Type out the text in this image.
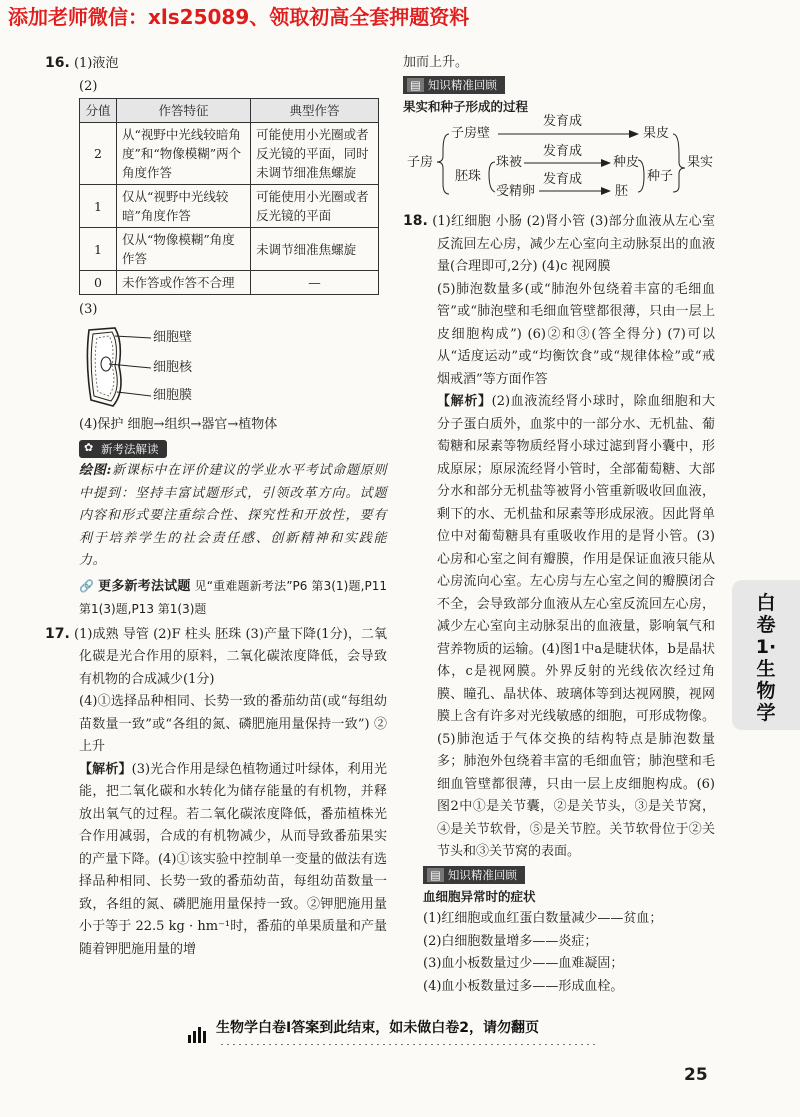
添加老师微信：xls25089、领取初高全套押题资料

16. (1)液泡

(2)

分值	作答特征	典型作答
2	从“视野中光线较暗角度”和“物像模糊”两个角度作答	可能使用小光圈或者反光镜的平面，同时未调节细准焦螺旋
1	仅从“视野中光线较暗”角度作答	可能使用小光圈或者反光镜的平面
1	仅从“物像模糊”角度作答	未调节细准焦螺旋
0	未作答或作答不合理	—

(3)

细胞壁
细胞核
细胞膜

(4)保护 细胞→组织→器官→植物体

✿ 新考法解读

绘图:新课标中在评价建议的学业水平考试命题原则中提到：坚持丰富试题形式，引领改革方向。试题内容和形式要注重综合性、探究性和开放性，要有利于培养学生的社会责任感、创新精神和实践能力。

🔗 更多新考法试题 见“重难题新考法”P6 第3(1)题,P11 第1(3)题,P13 第1(3)题

17. (1)成熟 导管 (2)F 柱头 胚珠 (3)产量下降(1分)，二氧化碳是光合作用的原料，二氧化碳浓度降低，会导致有机物的合成减少(1分)

(4)①选择品种相同、长势一致的番茄幼苗(或“每组幼苗数量一致”或“各组的氮、磷肥施用量保持一致”) ②上升

【解析】(3)光合作用是绿色植物通过叶绿体，利用光能，把二氧化碳和水转化为储存能量的有机物，并释放出氧气的过程。若二氧化碳浓度降低，番茄植株光合作用减弱，合成的有机物减少，从而导致番茄果实的产量下降。(4)①该实验中控制单一变量的做法有选择品种相同、长势一致的番茄幼苗，每组幼苗数量一致，各组的氮、磷肥施用量保持一致。②钾肥施用量小于等于 22.5 kg · hm⁻¹时，番茄的单果质量和产量随着钾肥施用量的增

加而上升。

▤ 知识精准回顾

果实和种子形成的过程

子房
子房壁
发育成
果皮
胚珠
珠被
发育成
种皮
受精卵
发育成
胚
种子
果实

18. (1)红细胞 小肠 (2)肾小管 (3)部分血液从左心室反流回左心房，减少左心室向主动脉泵出的血液量(合理即可,2分) (4)c 视网膜

(5)肺泡数量多(或“肺泡外包绕着丰富的毛细血管”或“肺泡壁和毛细血管壁都很薄，只由一层上皮细胞构成”) (6)②和③(答全得分) (7)可以从“适度运动”或“均衡饮食”或“规律体检”或“戒烟戒酒”等方面作答

【解析】(2)血液流经肾小球时，除血细胞和大分子蛋白质外，血浆中的一部分水、无机盐、葡萄糖和尿素等物质经肾小球过滤到肾小囊中，形成原尿；原尿流经肾小管时，全部葡萄糖、大部分水和部分无机盐等被肾小管重新吸收回血液，剩下的水、无机盐和尿素等形成尿液。因此肾单位中对葡萄糖具有重吸收作用的是肾小管。(3)心房和心室之间有瓣膜，作用是保证血液只能从心房流向心室。左心房与左心室之间的瓣膜闭合不全，会导致部分血液从左心室反流回左心房，减少左心室向主动脉泵出的血液量，影响氧气和营养物质的运输。(4)图1中a是睫状体，b是晶状体，c是视网膜。外界反射的光线依次经过角膜、瞳孔、晶状体、玻璃体等到达视网膜，视网膜上含有许多对光线敏感的细胞，可形成物像。(5)肺泡适于气体交换的结构特点是肺泡数量多；肺泡外包绕着丰富的毛细血管；肺泡壁和毛细血管壁都很薄，只由一层上皮细胞构成。(6)图2中①是关节囊，②是关节头，③是关节窝，④是关节软骨，⑤是关节腔。关节软骨位于②关节头和③关节窝的表面。

▤ 知识精准回顾

血细胞异常时的症状

(1)红细胞或血红蛋白数量减少——贫血；

(2)白细胞数量增多——炎症；

(3)血小板数量过少——血难凝固；

(4)血小板数量过多——形成血栓。

白卷1·生物学
生物学白卷Ⅰ答案到此结束，如未做白卷2，请勿翻页
25
